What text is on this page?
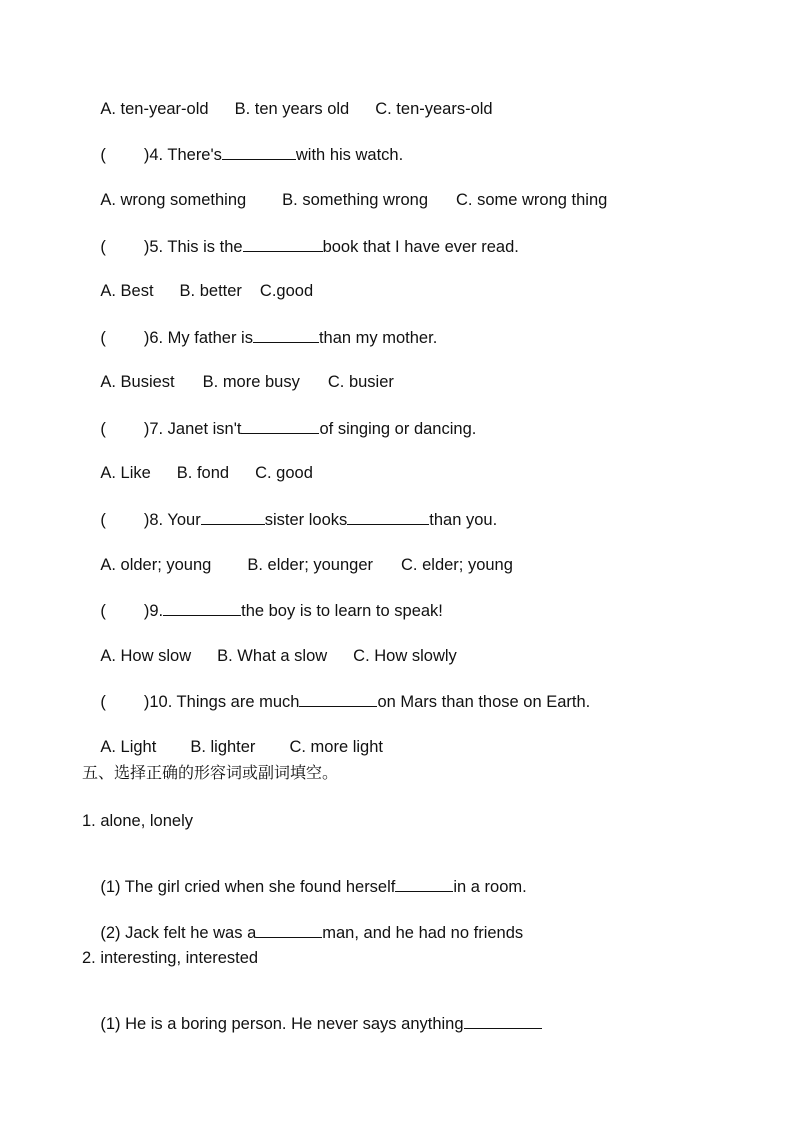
A. ten-year-old B. ten years old C. ten-years-old

( )4. There's	with his watch.

A. wrong something B. something wrong C. some wrong thing

( )5. This is the	book that I have ever read.

A. Best B. better C.good

( )6. My father is	than my mother.

A. Busiest B. more busy C. busier

( )7. Janet isn't	of singing or dancing.

A. Like B. fond C. good

( )8. Your	sister looks	than you.

A. older; young B. elder; younger C. elder; young

( )9.	the boy is to learn to speak!

A. How slow B. What a slow C. How slowly

( )10. Things are much	on Mars than those on Earth.

A. Light B. lighter C. more light

五、选择正确的形容词或副词填空。
1. alone, lonely

(1) The girl cried when she found herself	in a room.

(2) Jack felt he was a	man, and he had no friends

2. interesting, interested

(1) He is a boring person. He never says anything
